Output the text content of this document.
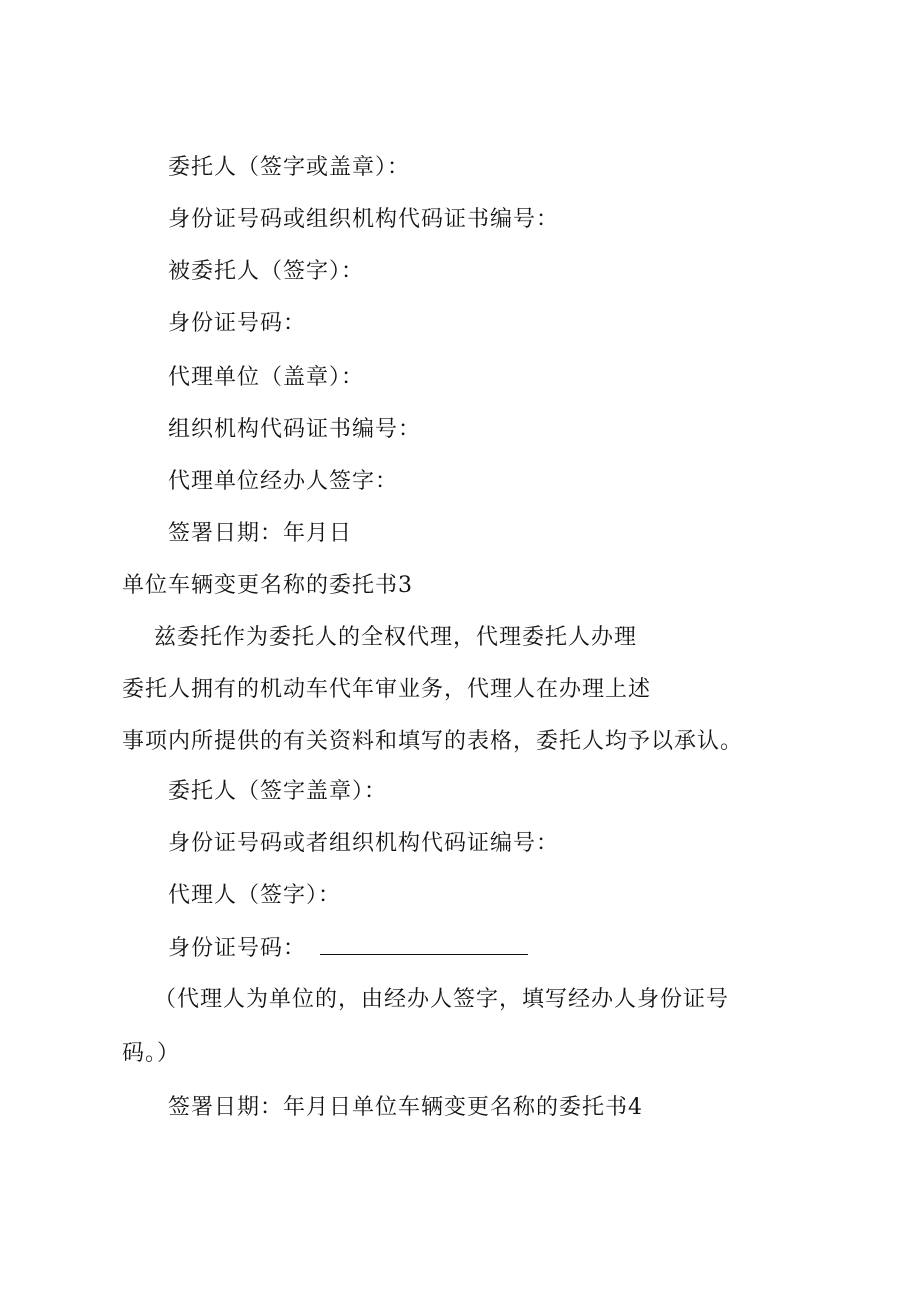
委托人（签字或盖章）：
身份证号码或组织机构代码证书编号：
被委托人（签字）：
身份证号码：
代理单位（盖章）：
组织机构代码证书编号：
代理单位经办人签字：
签署日期：年月日
单位车辆变更名称的委托书3
兹委托作为委托人的全权代理，代理委托人办理
委托人拥有的机动车代年审业务，代理人在办理上述
事项内所提供的有关资料和填写的表格，委托人均予以承认。
委托人（签字盖章）：
身份证号码或者组织机构代码证编号：
代理人（签字）：
身份证号码：
（代理人为单位的，由经办人签字，填写经办人身份证号
码。）
签署日期：年月日单位车辆变更名称的委托书4
